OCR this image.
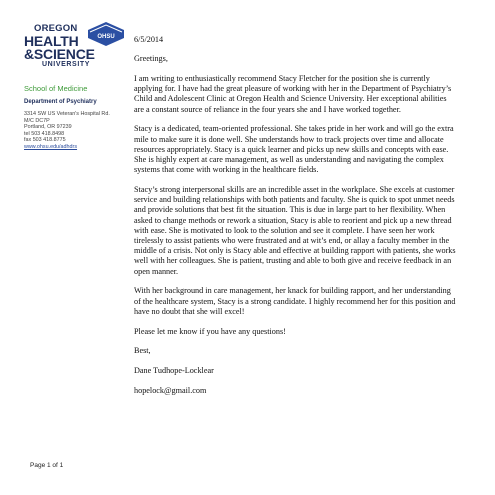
OREGON
HEALTH
&SCIENCE
UNIVERSITY
OHSU
School of Medicine
Department of Psychiatry
3314 SW US Veteran's Hospital Rd.
M/C DC7P
Portland, OR 97239
tel 503 418.8498
fax 503 418.8775
www.ohsu.edu/adhdrs

6/5/2014

Greetings,

I am writing to enthusiastically recommend Stacy Fletcher for the position she is currently applying for. I have had the great pleasure of working with her in the Department of Psychiatry’s Child and Adolescent Clinic at Oregon Health and Science University. Her exceptional abilities are a constant source of reliance in the four years she and I have worked together.

Stacy is a dedicated, team-oriented professional. She takes pride in her work and will go the extra mile to make sure it is done well. She understands how to track projects over time and allocate resources appropriately. Stacy is a quick learner and picks up new skills and concepts with ease. She is highly expert at care management, as well as understanding and navigating the complex systems that come with working in the healthcare fields.

Stacy’s strong interpersonal skills are an incredible asset in the workplace. She excels at customer service and building relationships with both patients and faculty. She is quick to spot unmet needs and provide solutions that best fit the situation. This is due in large part to her flexibility. When asked to change methods or rework a situation, Stacy is able to reorient and pick up a new thread with ease. She is motivated to look to the solution and see it complete. I have seen her work tirelessly to assist patients who were frustrated and at wit’s end, or allay a faculty member in the middle of a crisis. Not only is Stacy able and effective at building rapport with patients, she works well with her colleagues. She is patient, trusting and able to both give and receive feedback in an open manner.

With her background in care management, her knack for building rapport, and her understanding of the healthcare system, Stacy is a strong candidate. I highly recommend her for this position and have no doubt that she will excel!

Please let me know if you have any questions!

Best,

Dane Tudhope-Locklear

hopelock@gmail.com

Page 1 of 1
